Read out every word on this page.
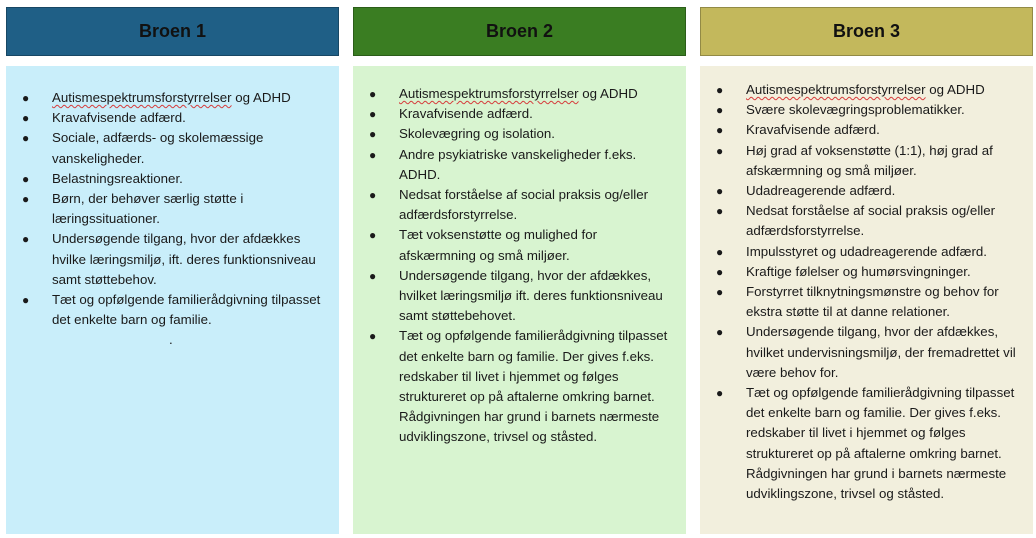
Broen 1	Broen 2	Broen 3
● Autismespektrumsforstyrrelser og ADHD
● Kravafvisende adfærd.
● Sociale, adfærds- og skolemæssige vanskeligheder.
● Belastningsreaktioner.
● Børn, der behøver særlig støtte i læringssituationer.
● Undersøgende tilgang, hvor der afdækkes hvilke læringsmiljø, ift. deres funktionsniveau samt støttebehov.
● Tæt og opfølgende familierådgivning tilpasset det enkelte barn og familie.
.
● Autismespektrumsforstyrrelser og ADHD
● Kravafvisende adfærd.
● Skolevægring og isolation.
● Andre psykiatriske vanskeligheder f.eks. ADHD.
● Nedsat forståelse af social praksis og/eller adfærdsforstyrrelse.
● Tæt voksenstøtte og mulighed for afskærmning og små miljøer.
● Undersøgende tilgang, hvor der afdækkes, hvilket læringsmiljø ift. deres funktionsniveau samt støttebehovet.
● Tæt og opfølgende familierådgivning tilpasset det enkelte barn og familie. Der gives f.eks. redskaber til livet i hjemmet og følges struktureret op på aftalerne omkring barnet. Rådgivningen har grund i barnets nærmeste udviklingszone, trivsel og ståsted.
● Autismespektrumsforstyrrelser og ADHD
● Svære skolevægringsproblematikker.
● Kravafvisende adfærd.
● Høj grad af voksenstøtte (1:1), høj grad af afskærmning og små miljøer.
● Udadreagerende adfærd.
● Nedsat forståelse af social praksis og/eller adfærdsforstyrrelse.
● Impulsstyret og udadreagerende adfærd.
● Kraftige følelser og humørsvingninger.
● Forstyrret tilknytningsmønstre og behov for ekstra støtte til at danne relationer.
● Undersøgende tilgang, hvor der afdækkes, hvilket undervisningsmiljø, der fremadrettet vil være behov for.
● Tæt og opfølgende familierådgivning tilpasset det enkelte barn og familie. Der gives f.eks. redskaber til livet i hjemmet og følges struktureret op på aftalerne omkring barnet. Rådgivningen har grund i barnets nærmeste udviklingszone, trivsel og ståsted.
